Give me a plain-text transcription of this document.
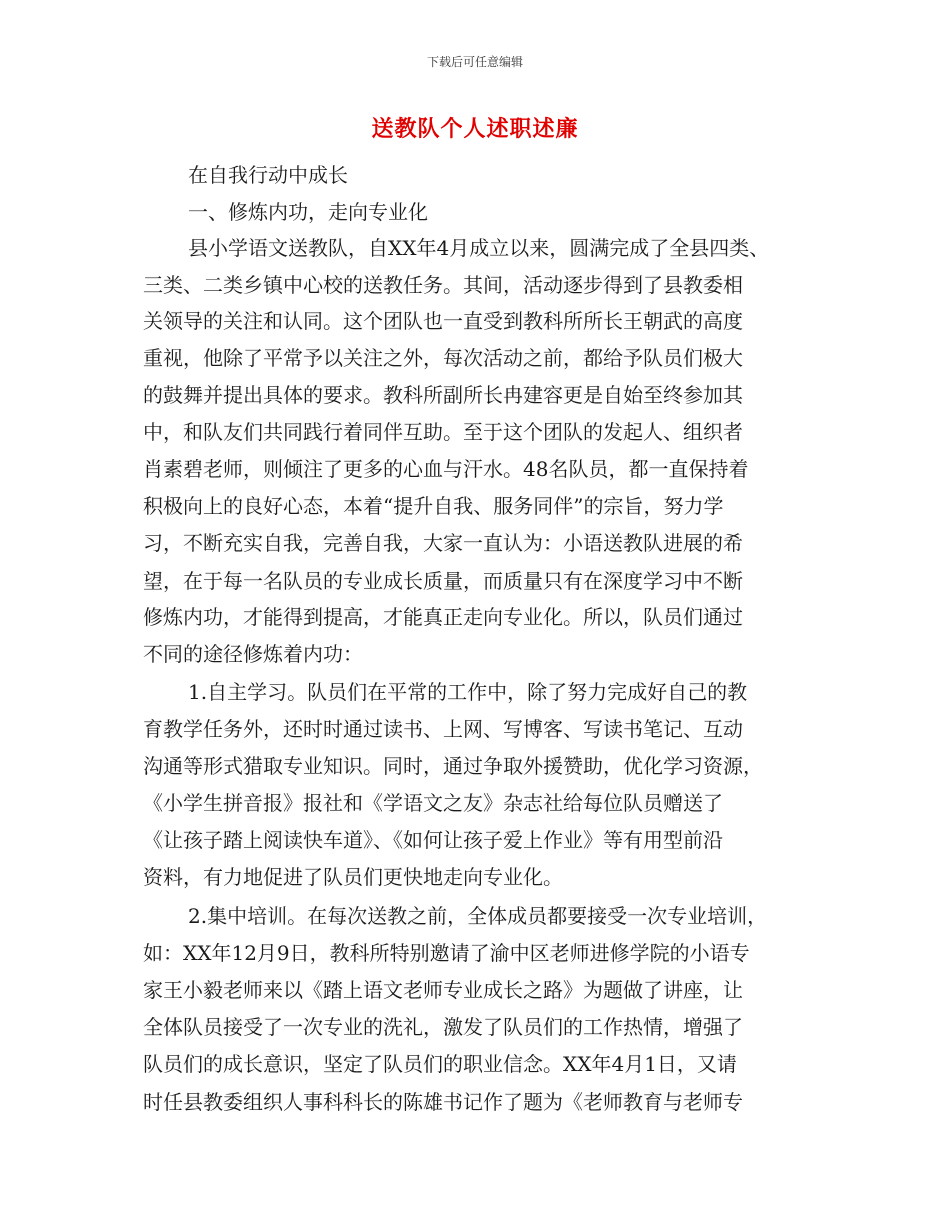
下载后可任意编辑
送教队个人述职述廉
在自我行动中成长
一、修炼内功，走向专业化
县小学语文送教队，自XX年4月成立以来，圆满完成了全县四类、
三类、二类乡镇中心校的送教任务。其间，活动逐步得到了县教委相
关领导的关注和认同。这个团队也一直受到教科所所长王朝武的高度
重视，他除了平常予以关注之外，每次活动之前，都给予队员们极大
的鼓舞并提出具体的要求。教科所副所长冉建容更是自始至终参加其
中，和队友们共同践行着同伴互助。至于这个团队的发起人、组织者
肖素碧老师，则倾注了更多的心血与汗水。48名队员，都一直保持着
积极向上的良好心态，本着“提升自我、服务同伴”的宗旨，努力学
习，不断充实自我，完善自我，大家一直认为：小语送教队进展的希
望，在于每一名队员的专业成长质量，而质量只有在深度学习中不断
修炼内功，才能得到提高，才能真正走向专业化。所以，队员们通过
不同的途径修炼着内功：
1.自主学习。队员们在平常的工作中，除了努力完成好自己的教
育教学任务外，还时时通过读书、上网、写博客、写读书笔记、互动
沟通等形式猎取专业知识。同时，通过争取外援赞助，优化学习资源，
《小学生拼音报》报社和《学语文之友》杂志社给每位队员赠送了
《让孩子踏上阅读快车道》、《如何让孩子爱上作业》等有用型前沿
资料，有力地促进了队员们更快地走向专业化。
2.集中培训。在每次送教之前，全体成员都要接受一次专业培训，
如：XX年12月9日，教科所特别邀请了渝中区老师进修学院的小语专
家王小毅老师来以《踏上语文老师专业成长之路》为题做了讲座，让
全体队员接受了一次专业的洗礼，激发了队员们的工作热情，增强了
队员们的成长意识，坚定了队员们的职业信念。XX年4月1日，又请
时任县教委组织人事科科长的陈雄书记作了题为《老师教育与老师专
